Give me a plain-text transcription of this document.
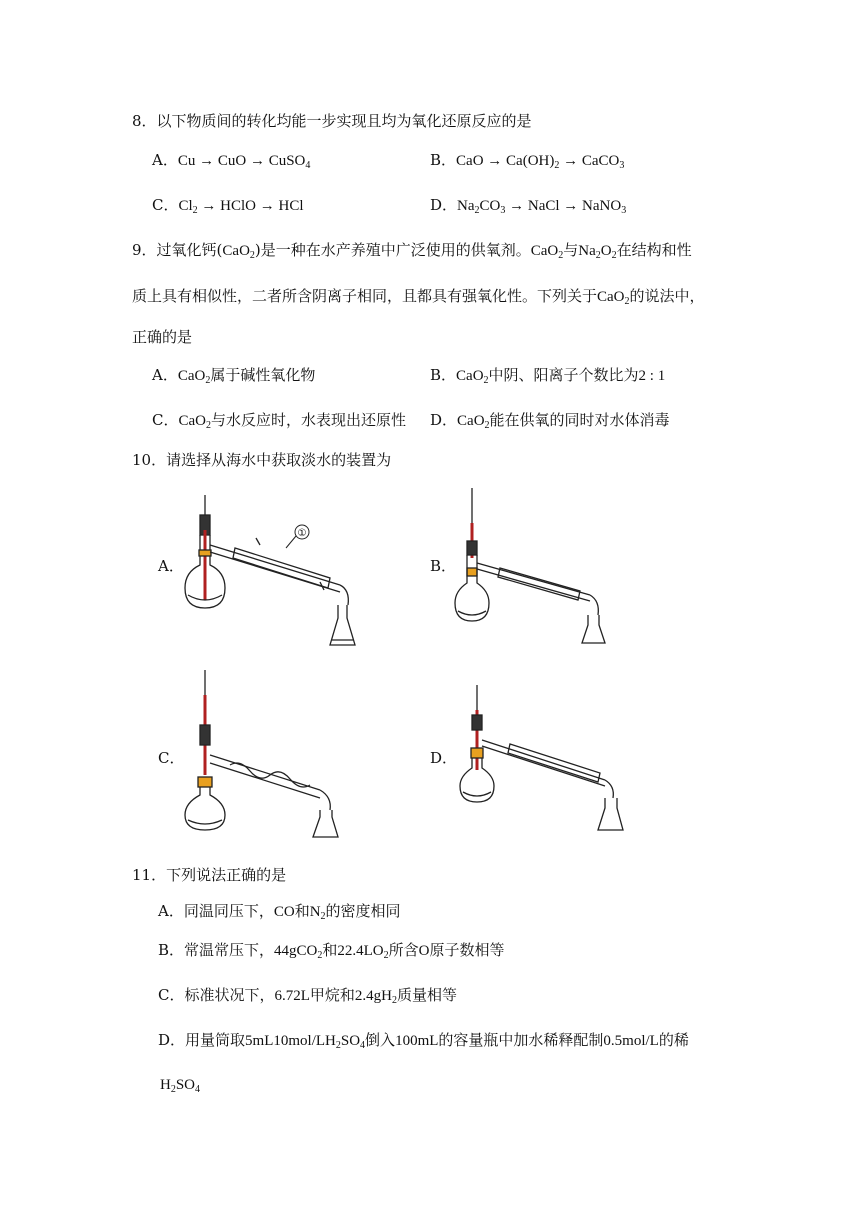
8．以下物质间的转化均能一步实现且均为氧化还原反应的是
A．Cu → CuO → CuSO$_4$	B．CaO → $Ca(OH)_2$ → CaCO$_3$
C．$Cl_2$ → HClO → HCl	D．$Na_2CO_3$ → NaCl → NaNO$_3$
9．过氧化钙(CaO$_2$)是一种在水产养殖中广泛使用的供氧剂。CaO$_2$与$Na_2O_2$在结构和性
质上具有相似性，二者所含阴离子相同，且都具有强氧化性。下列关于CaO$_2$的说法中，
正确的是
A．CaO$_2$属于碱性氧化物	B．CaO$_2$中阴、阳离子个数比为2 : 1
C．CaO$_2$与水反应时，水表现出还原性 D．CaO$_2$能在供氧的同时对水体消毒
10．请选择从海水中获取淡水的装置为
A．	B．
C．	D．
①
11．下列说法正确的是
A．同温同压下，CO和$N_2$的密度相同
B．常温常压下，44gCO$_2$和$22.4LO_2$所含O原子数相等
C．标准状况下，6.72L甲烷和$2.4gH_2$质量相等
D．用量筒取$5mL10mol/LH_2SO_4$倒入100mL的容量瓶中加水稀释配制0.5mol/L的稀
$H_2SO_4$
